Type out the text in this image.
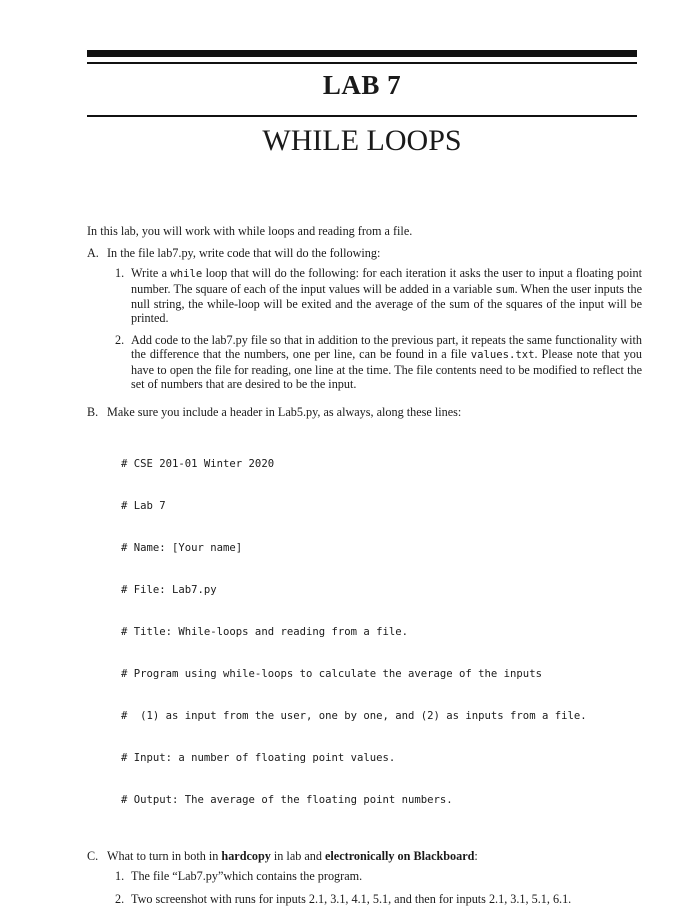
LAB 7
WHILE LOOPS

In this lab, you will work with while loops and reading from a file.

A. In the file lab7.py, write code that will do the following:
1. Write a while loop that will do the following: for each iteration it asks the user to input a floating point number. The square of each of the input values will be added in a variable sum. When the user inputs the null string, the while-loop will be exited and the average of the sum of the squares of the input will be printed.
2. Add code to the lab7.py file so that in addition to the previous part, it repeats the same functionality with the difference that the numbers, one per line, can be found in a file values.txt. Please note that you have to open the file for reading, one line at the time. The file contents need to be modified to reflect the set of numbers that are desired to be the input.
B. Make sure you include a header in Lab5.py, as always, along these lines:

# CSE 201-01 Winter 2020

# Lab 7

# Name: [Your name]

# File: Lab7.py

# Title: While-loops and reading from a file.

# Program using while-loops to calculate the average of the inputs

#  (1) as input from the user, one by one, and (2) as inputs from a file.

# Input: a number of floating point values.

# Output: The average of the floating point numbers.

C. What to turn in both in hardcopy in lab and electronically on Blackboard:
1. The file “Lab7.py”which contains the program.
2. Two screenshot with runs for inputs 2.1, 3.1, 4.1, 5.1, and then for inputs 2.1, 3.1, 5.1, 6.1.
